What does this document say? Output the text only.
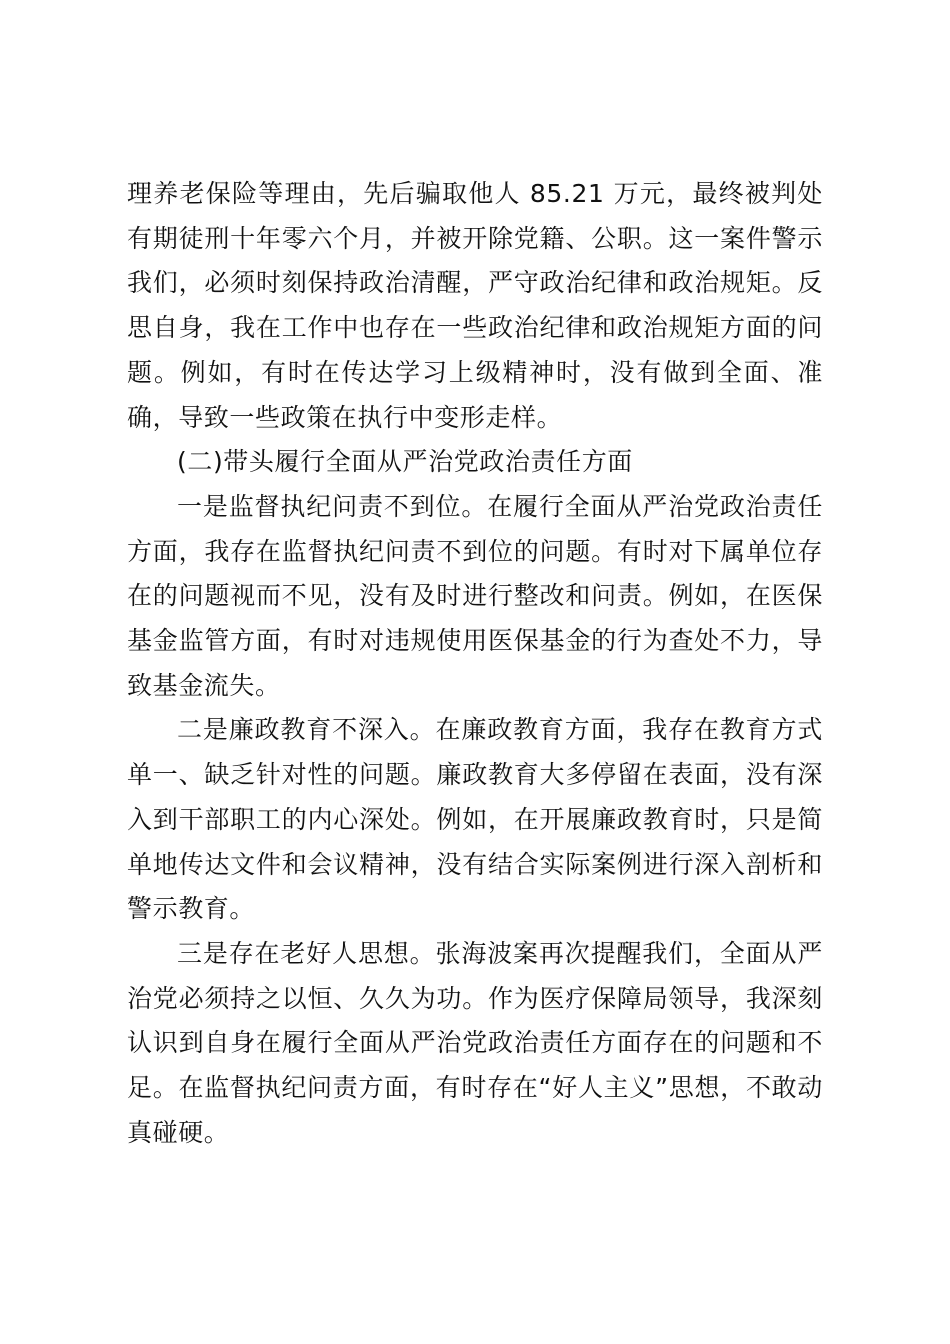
理养老保险等理由，先后骗取他人 85.21 万元，最终被判处有期徒刑十年零六个月，并被开除党籍、公职。这一案件警示我们，必须时刻保持政治清醒，严守政治纪律和政治规矩。反思自身，我在工作中也存在一些政治纪律和政治规矩方面的问题。例如，有时在传达学习上级精神时，没有做到全面、准确，导致一些政策在执行中变形走样。

(二)带头履行全面从严治党政治责任方面

一是监督执纪问责不到位。在履行全面从严治党政治责任方面，我存在监督执纪问责不到位的问题。有时对下属单位存在的问题视而不见，没有及时进行整改和问责。例如，在医保基金监管方面，有时对违规使用医保基金的行为查处不力，导致基金流失。

二是廉政教育不深入。在廉政教育方面，我存在教育方式单一、缺乏针对性的问题。廉政教育大多停留在表面，没有深入到干部职工的内心深处。例如，在开展廉政教育时，只是简单地传达文件和会议精神，没有结合实际案例进行深入剖析和警示教育。

三是存在老好人思想。张海波案再次提醒我们，全面从严治党必须持之以恒、久久为功。作为医疗保障局领导，我深刻认识到自身在履行全面从严治党政治责任方面存在的问题和不足。在监督执纪问责方面，有时存在“好人主义”思想，不敢动真碰硬。
